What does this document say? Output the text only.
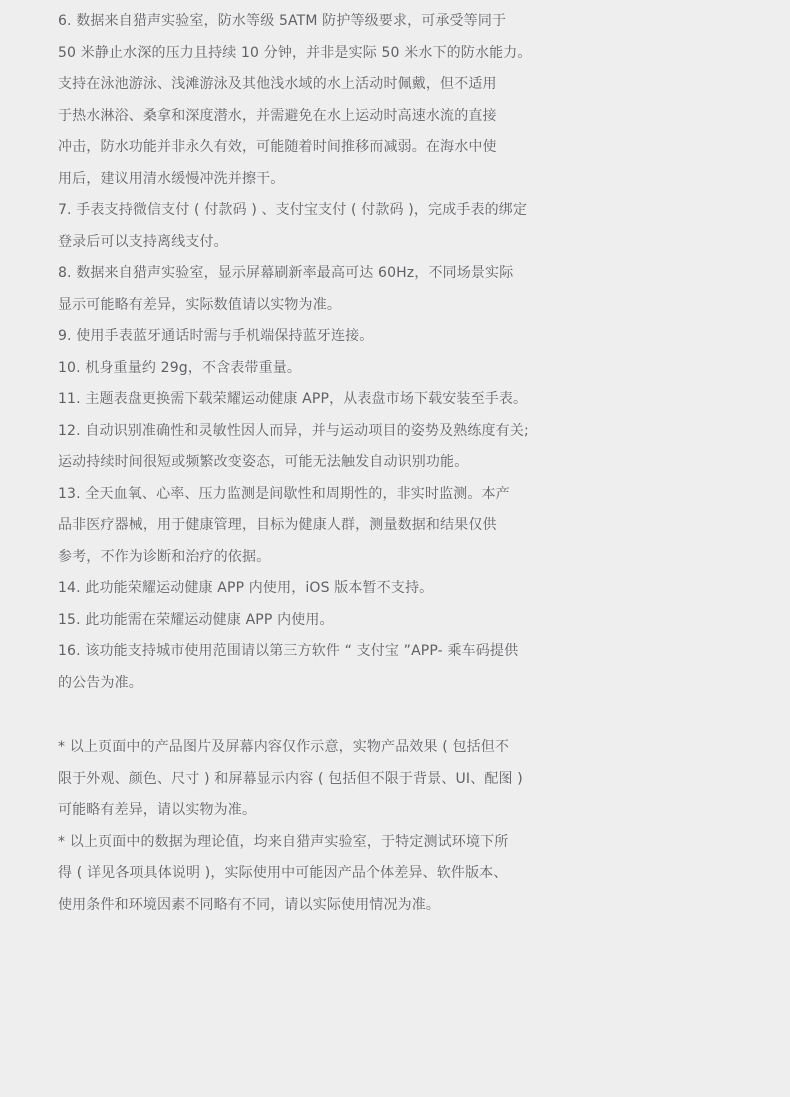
6. 数据来自猎声实验室，防水等级 5ATM 防护等级要求，可承受等同于
50 米静止水深的压力且持续 10 分钟，并非是实际 50 米水下的防水能力。
支持在泳池游泳、浅滩游泳及其他浅水域的水上活动时佩戴，但不适用
于热水淋浴、桑拿和深度潜水，并需避免在水上运动时高速水流的直接
冲击，防水功能并非永久有效，可能随着时间推移而减弱。在海水中使
用后，建议用清水缓慢冲洗并擦干。
7. 手表支持微信支付 ( 付款码 ) 、支付宝支付 ( 付款码 )，完成手表的绑定
登录后可以支持离线支付。
8. 数据来自猎声实验室，显示屏幕刷新率最高可达 60Hz，不同场景实际
显示可能略有差异，实际数值请以实物为准。
9. 使用手表蓝牙通话时需与手机端保持蓝牙连接。
10. 机身重量约 29g，不含表带重量。
11. 主题表盘更换需下载荣耀运动健康 APP，从表盘市场下载安装至手表。
12. 自动识别准确性和灵敏性因人而异，并与运动项目的姿势及熟练度有关;
运动持续时间很短或频繁改变姿态，可能无法触发自动识别功能。
13. 全天血氧、心率、压力监测是间歇性和周期性的，非实时监测。本产
品非医疗器械，用于健康管理，目标为健康人群，测量数据和结果仅供
参考，不作为诊断和治疗的依据。
14. 此功能荣耀运动健康 APP 内使用，iOS 版本暂不支持。
15. 此功能需在荣耀运动健康 APP 内使用。
16. 该功能支持城市使用范围请以第三方软件 “ 支付宝 ”APP- 乘车码提供
的公告为准。
* 以上页面中的产品图片及屏幕内容仅作示意，实物产品效果 ( 包括但不
限于外观、颜色、尺寸 ) 和屏幕显示内容 ( 包括但不限于背景、UI、配图 )
可能略有差异，请以实物为准。
* 以上页面中的数据为理论值，均来自猎声实验室，于特定测试环境下所
得 ( 详见各项具体说明 )，实际使用中可能因产品个体差异、软件版本、
使用条件和环境因素不同略有不同，请以实际使用情况为准。
